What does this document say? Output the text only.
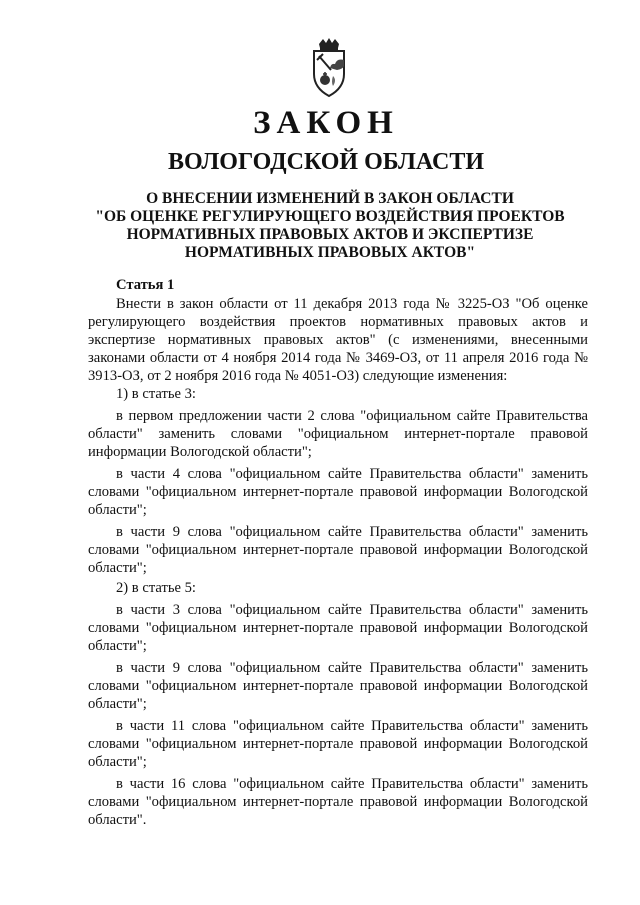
ЗАКОН
ВОЛОГОДСКОЙ ОБЛАСТИ
О ВНЕСЕНИИ ИЗМЕНЕНИЙ В ЗАКОН ОБЛАСТИ
"ОБ ОЦЕНКЕ РЕГУЛИРУЮЩЕГО ВОЗДЕЙСТВИЯ ПРОЕКТОВ
НОРМАТИВНЫХ ПРАВОВЫХ АКТОВ И ЭКСПЕРТИЗЕ
НОРМАТИВНЫХ ПРАВОВЫХ АКТОВ"
Статья 1

Внести в закон области от 11 декабря 2013 года № 3225-ОЗ "Об оценке регулирующего воздействия проектов нормативных правовых актов и экспертизе нормативных правовых актов" (с изменениями, внесенными законами области от 4 ноября 2014 года № 3469-ОЗ, от 11 апреля 2016 года № 3913-ОЗ, от 2 ноября 2016 года № 4051-ОЗ) следующие изменения:

1) в статье 3:

в первом предложении части 2 слова "официальном сайте Правительства области" заменить словами "официальном интернет-портале правовой информации Вологодской области";

в части 4 слова "официальном сайте Правительства области" заменить словами "официальном интернет-портале правовой информации Вологодской области";

в части 9 слова "официальном сайте Правительства области" заменить словами "официальном интернет-портале правовой информации Вологодской области";

2) в статье 5:

в части 3 слова "официальном сайте Правительства области" заменить словами "официальном интернет-портале правовой информации Вологодской области";

в части 9 слова "официальном сайте Правительства области" заменить словами "официальном интернет-портале правовой информации Вологодской области";

в части 11 слова "официальном сайте Правительства области" заменить словами "официальном интернет-портале правовой информации Вологодской области";

в части 16 слова "официальном сайте Правительства области" заменить словами "официальном интернет-портале правовой информации Вологодской области".
